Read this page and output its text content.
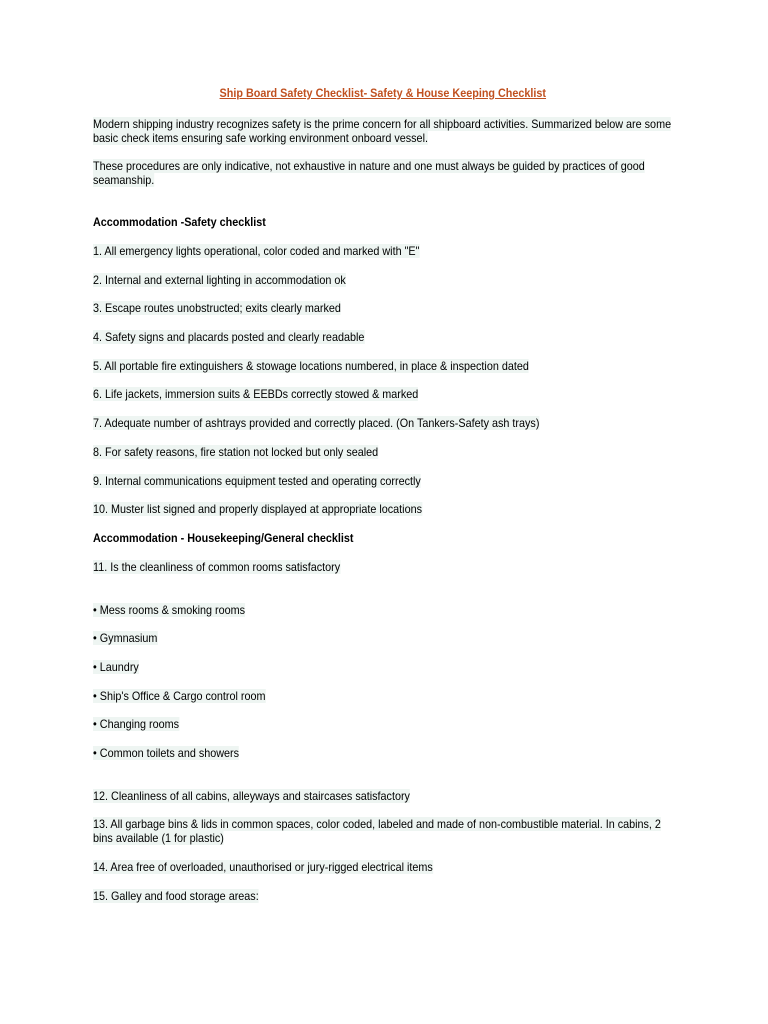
Ship Board Safety Checklist- Safety & House Keeping Checklist
Modern shipping industry recognizes safety is the prime concern for all shipboard activities. Summarized below are some basic check items ensuring safe working environment onboard vessel.
These procedures are only indicative, not exhaustive in nature and one must always be guided by practices of good seamanship.
Accommodation -Safety checklist
1. All emergency lights operational, color coded and marked with "E"
2. Internal and external lighting in accommodation ok
3. Escape routes unobstructed; exits clearly marked
4. Safety signs and placards posted and clearly readable
5. All portable fire extinguishers & stowage locations numbered, in place & inspection dated
6. Life jackets, immersion suits & EEBDs correctly stowed & marked
7. Adequate number of ashtrays provided and correctly placed. (On Tankers-Safety ash trays)
8. For safety reasons, fire station not locked but only sealed
9. Internal communications equipment tested and operating correctly
10. Muster list signed and properly displayed at appropriate locations
Accommodation - Housekeeping/General checklist
11. Is the cleanliness of common rooms satisfactory
• Mess rooms & smoking rooms
• Gymnasium
• Laundry
• Ship's Office & Cargo control room
• Changing rooms
• Common toilets and showers
12. Cleanliness of all cabins, alleyways and staircases satisfactory
13. All garbage bins & lids in common spaces, color coded, labeled and made of non-combustible material. In cabins, 2 bins available (1 for plastic)
14. Area free of overloaded, unauthorised or jury-rigged electrical items
15. Galley and food storage areas:
